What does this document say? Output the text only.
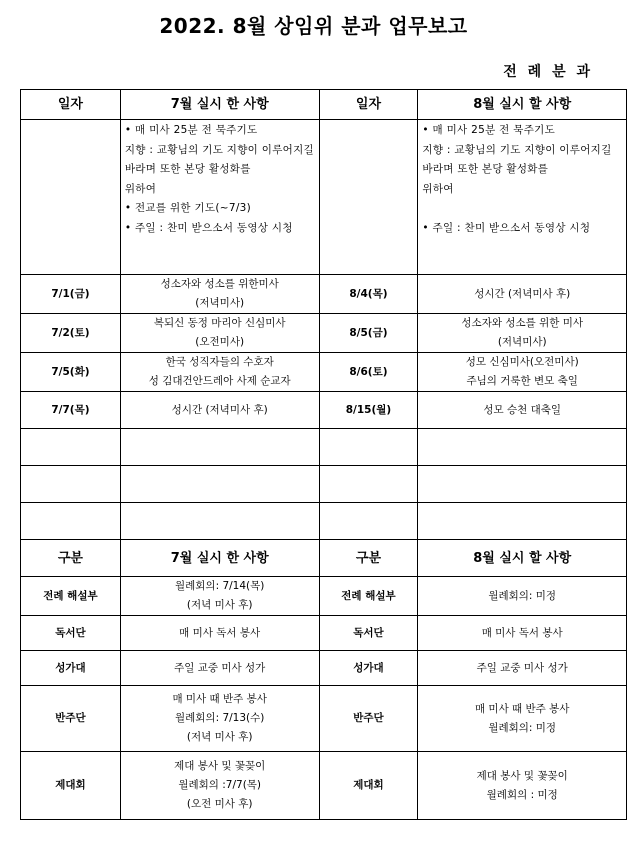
2022. 8월 상임위 분과 업무보고
전 례 분 과
일자	7월 실시 한 사항	일자	8월 실시 할 사항

	• 매 미사 25분 전 묵주기도
지향 : 교황님의 기도 지향이 이루어지길 바라며 또한 본당 활성화를
위하여
• 전교를 위한 기도(~7/3)
• 주일 : 찬미 받으소서 동영상 시청		• 매 미사 25분 전 묵주기도
지향 : 교황님의 기도 지향이 이루어지길 바라며 또한 본당 활성화를
위하여

• 주일 : 찬미 받으소서 동영상 시청

7/1(금)	성소자와 성소를 위한미사
(저녁미사)	8/4(목)	성시간 (저녁미사 후)

7/2(토)	복되신 동정 마리아 신심미사
(오전미사)	8/5(금)	성소자와 성소를 위한 미사
(저녁미사)

7/5(화)	한국 성직자들의 수호자
성 김대건안드레아 사제 순교자	8/6(토)	성모 신심미사(오전미사)
주님의 거룩한 변모 축일

7/7(목)	성시간 (저녁미사 후)	8/15(월)	성모 승천 대축일

구분	7월 실시 한 사항	구분	8월 실시 할 사항
전례 해설부	월례회의: 7/14(목)
(저녁 미사 후)	전례 해설부	월례회의: 미정

독서단	매 미사 독서 봉사	독서단	매 미사 독서 봉사

성가대	주일 교중 미사 성가	성가대	주일 교중 미사 성가

반주단	매 미사 때 반주 봉사
월례회의: 7/13(수)
(저녁 미사 후)	반주단	매 미사 때 반주 봉사
월례회의: 미정

제대회	제대 봉사 및 꽃꽂이
월례회의 :7/7(목)
(오전 미사 후)	제대회	제대 봉사 및 꽃꽂이
월례회의 : 미정
